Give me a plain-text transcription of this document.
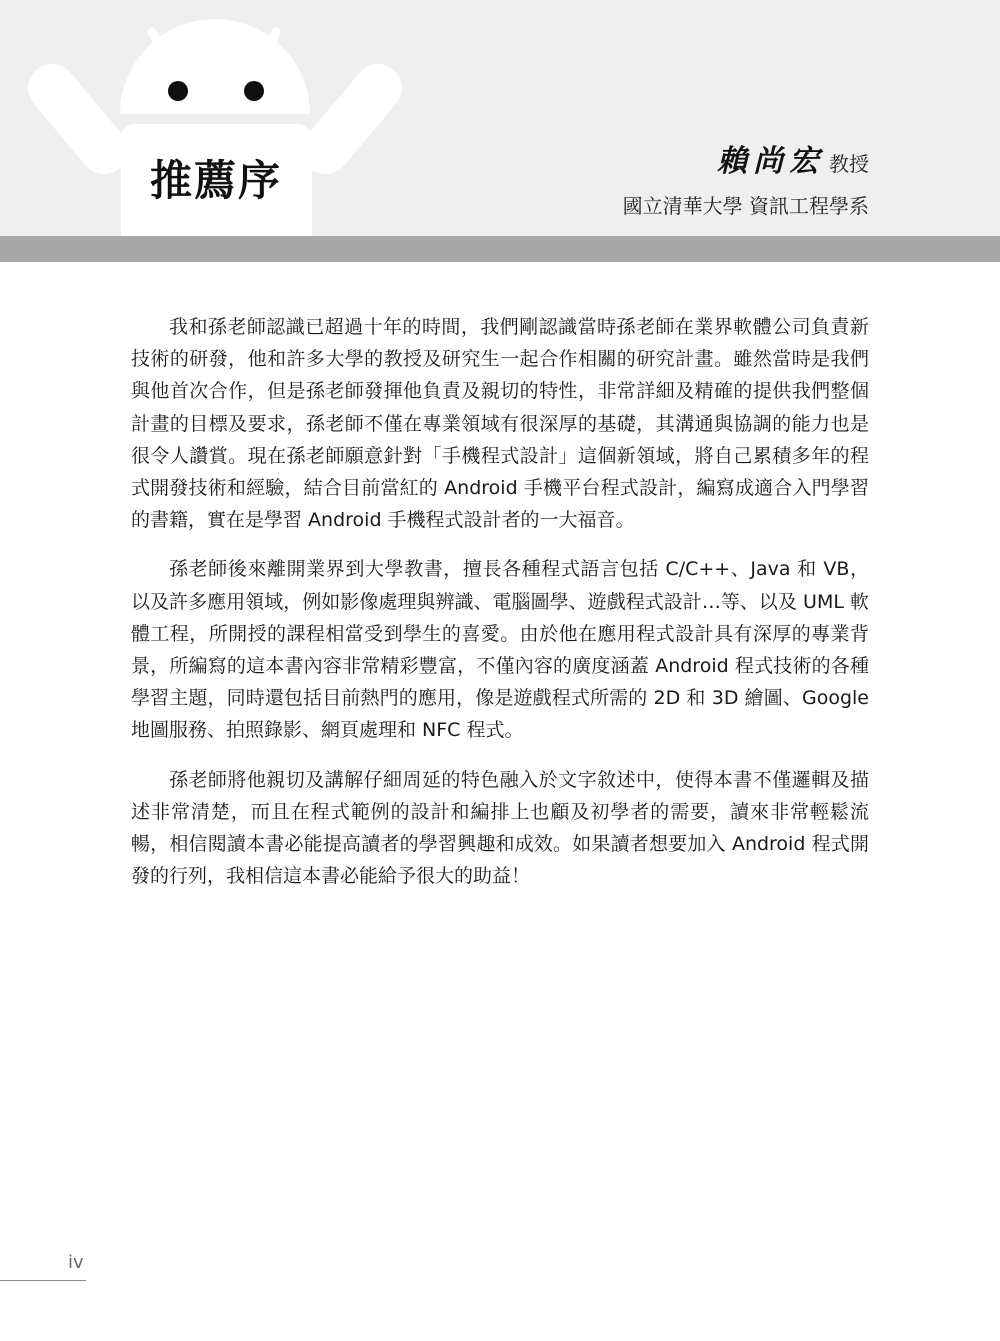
推薦序	賴尚宏 教授
國立清華大學 資訊工程學系

我和孫老師認識已超過十年的時間，我們剛認識當時孫老師在業界軟體公司負責新技術的研發，他和許多大學的教授及研究生一起合作相關的研究計畫。雖然當時是我們與他首次合作，但是孫老師發揮他負責及親切的特性，非常詳細及精確的提供我們整個計畫的目標及要求，孫老師不僅在專業領域有很深厚的基礎，其溝通與協調的能力也是很令人讚賞。現在孫老師願意針對「手機程式設計」這個新領域，將自己累積多年的程式開發技術和經驗，結合目前當紅的 Android 手機平台程式設計，編寫成適合入門學習的書籍，實在是學習 Android 手機程式設計者的一大福音。

孫老師後來離開業界到大學教書，擅長各種程式語言包括 C/C++、Java 和 VB，以及許多應用領域，例如影像處理與辨識、電腦圖學、遊戲程式設計…等、以及 UML 軟體工程，所開授的課程相當受到學生的喜愛。由於他在應用程式設計具有深厚的專業背景，所編寫的這本書內容非常精彩豐富，不僅內容的廣度涵蓋 Android 程式技術的各種學習主題，同時還包括目前熱門的應用，像是遊戲程式所需的 2D 和 3D 繪圖、Google 地圖服務、拍照錄影、網頁處理和 NFC 程式。

孫老師將他親切及講解仔細周延的特色融入於文字敘述中，使得本書不僅邏輯及描述非常清楚，而且在程式範例的設計和編排上也顧及初學者的需要，讀來非常輕鬆流暢，相信閱讀本書必能提高讀者的學習興趣和成效。如果讀者想要加入 Android 程式開發的行列，我相信這本書必能給予很大的助益！

iv
